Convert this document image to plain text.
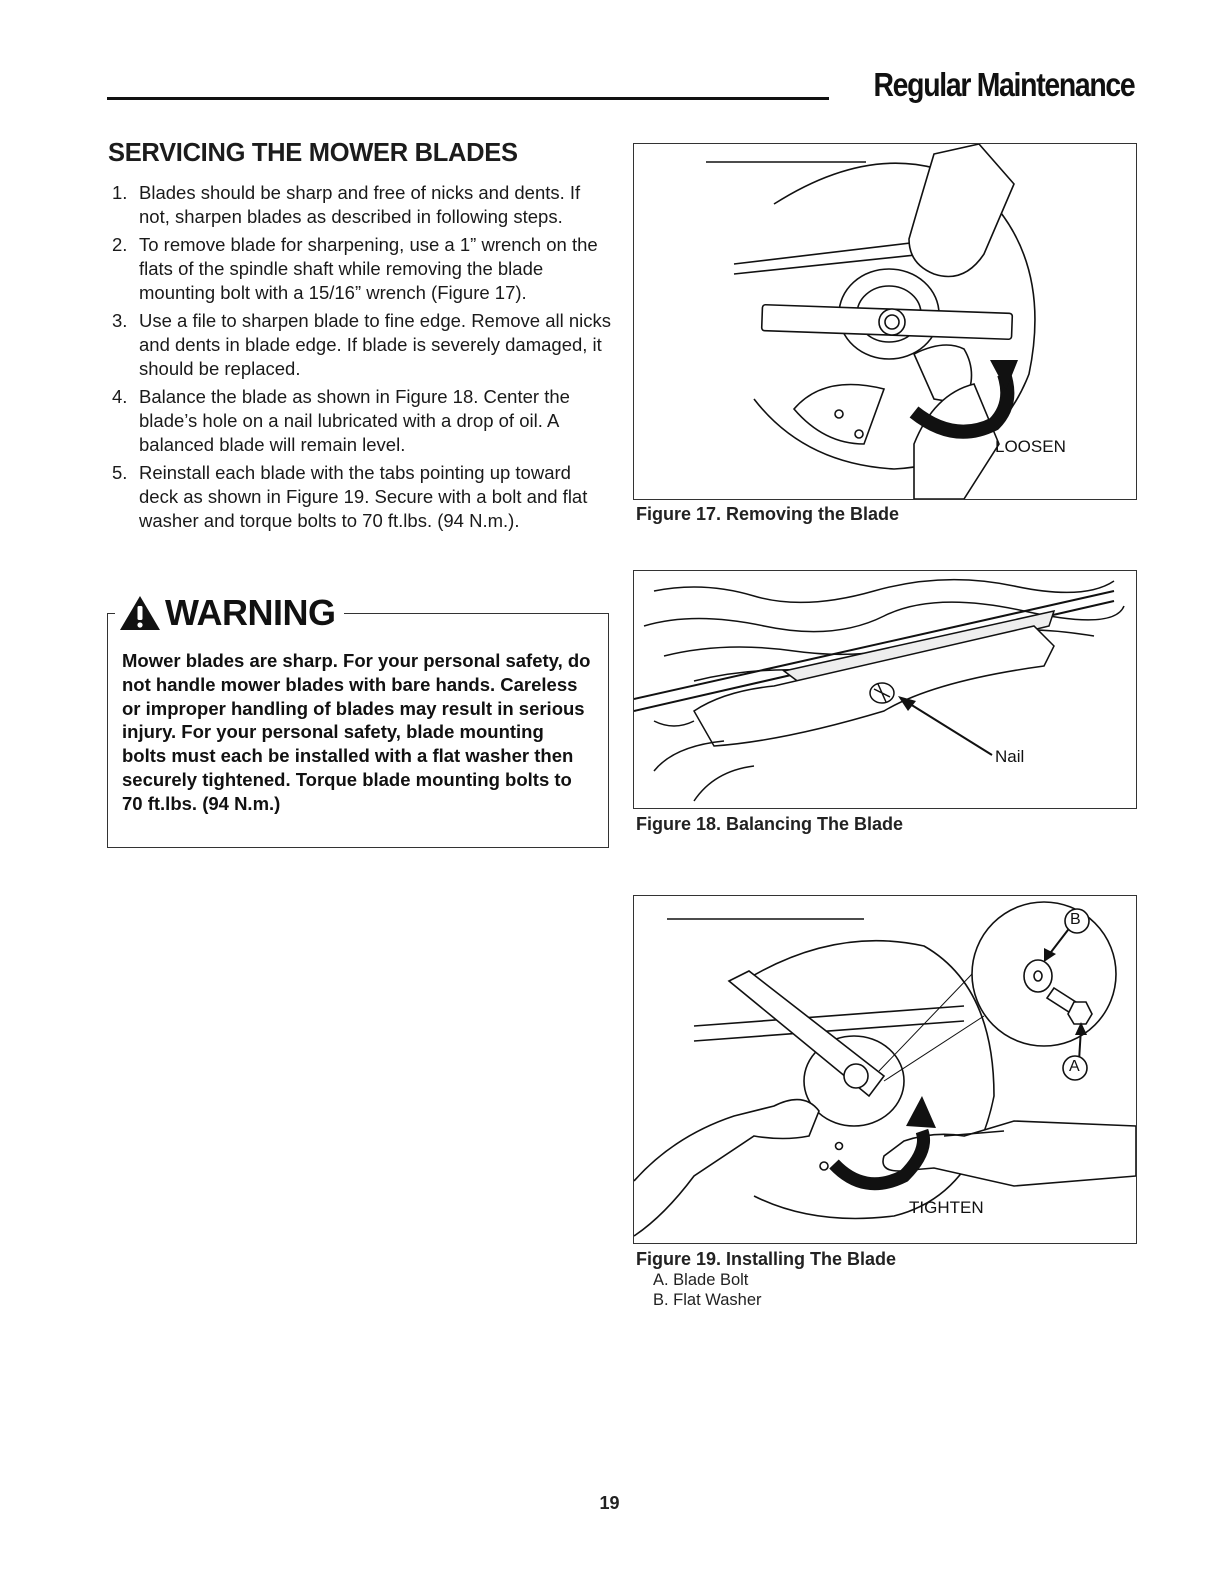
Regular Maintenance
SERVICING THE MOWER BLADES
1. Blades should be sharp and free of nicks and dents. If not, sharpen blades as described in following steps.
2. To remove blade for sharpening, use a 1” wrench on the flats of the spindle shaft while removing the blade mounting bolt with a 15/16” wrench (Figure 17).
3. Use a file to sharpen blade to fine edge. Remove all nicks and dents in blade edge. If blade is severely damaged, it should be replaced.
4. Balance the blade as shown in Figure 18. Center the blade’s hole on a nail lubricated with a drop of oil. A balanced blade will remain level.
5. Reinstall each blade with the tabs pointing up toward deck as shown in Figure 19. Secure with a bolt and flat washer and torque bolts to 70 ft.lbs. (94 N.m.).
WARNING

Mower blades are sharp. For your personal safety, do not handle mower blades with bare hands. Careless or improper handling of blades may result in serious injury. For your personal safety, blade mounting bolts must each be installed with a flat washer then securely tightened. Torque blade mounting bolts to 70 ft.lbs. (94 N.m.)

LOOSEN

Figure 17. Removing the Blade

Nail

Figure 18. Balancing The Blade

B
A
TIGHTEN

Figure 19. Installing The Blade

A. Blade Bolt
B. Flat Washer
19
